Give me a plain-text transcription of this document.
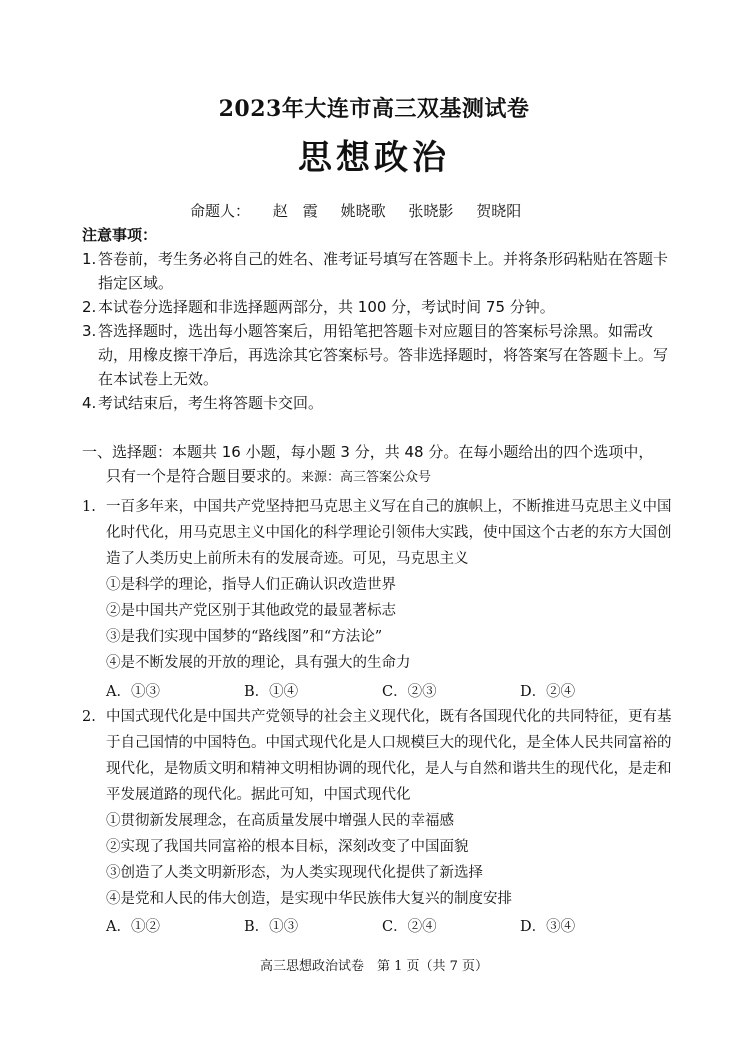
2023年大连市高三双基测试卷
思想政治
命题人： 赵　霞 姚晓歌 张晓影 贺晓阳
注意事项：
1. 答卷前，考生务必将自己的姓名、准考证号填写在答题卡上。并将条形码粘贴在答题卡指定区域。
2. 本试卷分选择题和非选择题两部分，共 100 分，考试时间 75 分钟。
3. 答选择题时，选出每小题答案后，用铅笔把答题卡对应题目的答案标号涂黑。如需改动，用橡皮擦干净后，再选涂其它答案标号。答非选择题时，将答案写在答题卡上。写在本试卷上无效。
4. 考试结束后，考生将答题卡交回。
一、选择题：本题共 16 小题，每小题 3 分，共 48 分。在每小题给出的四个选项中，
只有一个是符合题目要求的。来源：高三答案公众号
1. 一百多年来，中国共产党坚持把马克思主义写在自己的旗帜上，不断推进马克思主义中国化时代化，用马克思主义中国化的科学理论引领伟大实践，使中国这个古老的东方大国创造了人类历史上前所未有的发展奇迹。可见，马克思主义
①是科学的理论，指导人们正确认识改造世界
②是中国共产党区别于其他政党的最显著标志
③是我们实现中国梦的“路线图”和“方法论”
④是不断发展的开放的理论，具有强大的生命力
A．①③	B．①④	C．②③	D．②④
2. 中国式现代化是中国共产党领导的社会主义现代化，既有各国现代化的共同特征，更有基于自己国情的中国特色。中国式现代化是人口规模巨大的现代化，是全体人民共同富裕的现代化，是物质文明和精神文明相协调的现代化，是人与自然和谐共生的现代化，是走和平发展道路的现代化。据此可知，中国式现代化
①贯彻新发展理念，在高质量发展中增强人民的幸福感
②实现了我国共同富裕的根本目标，深刻改变了中国面貌
③创造了人类文明新形态，为人类实现现代化提供了新选择
④是党和人民的伟大创造，是实现中华民族伟大复兴的制度安排
A．①②	B．①③	C．②④	D．③④
高三思想政治试卷　第 1 页（共 7 页）
